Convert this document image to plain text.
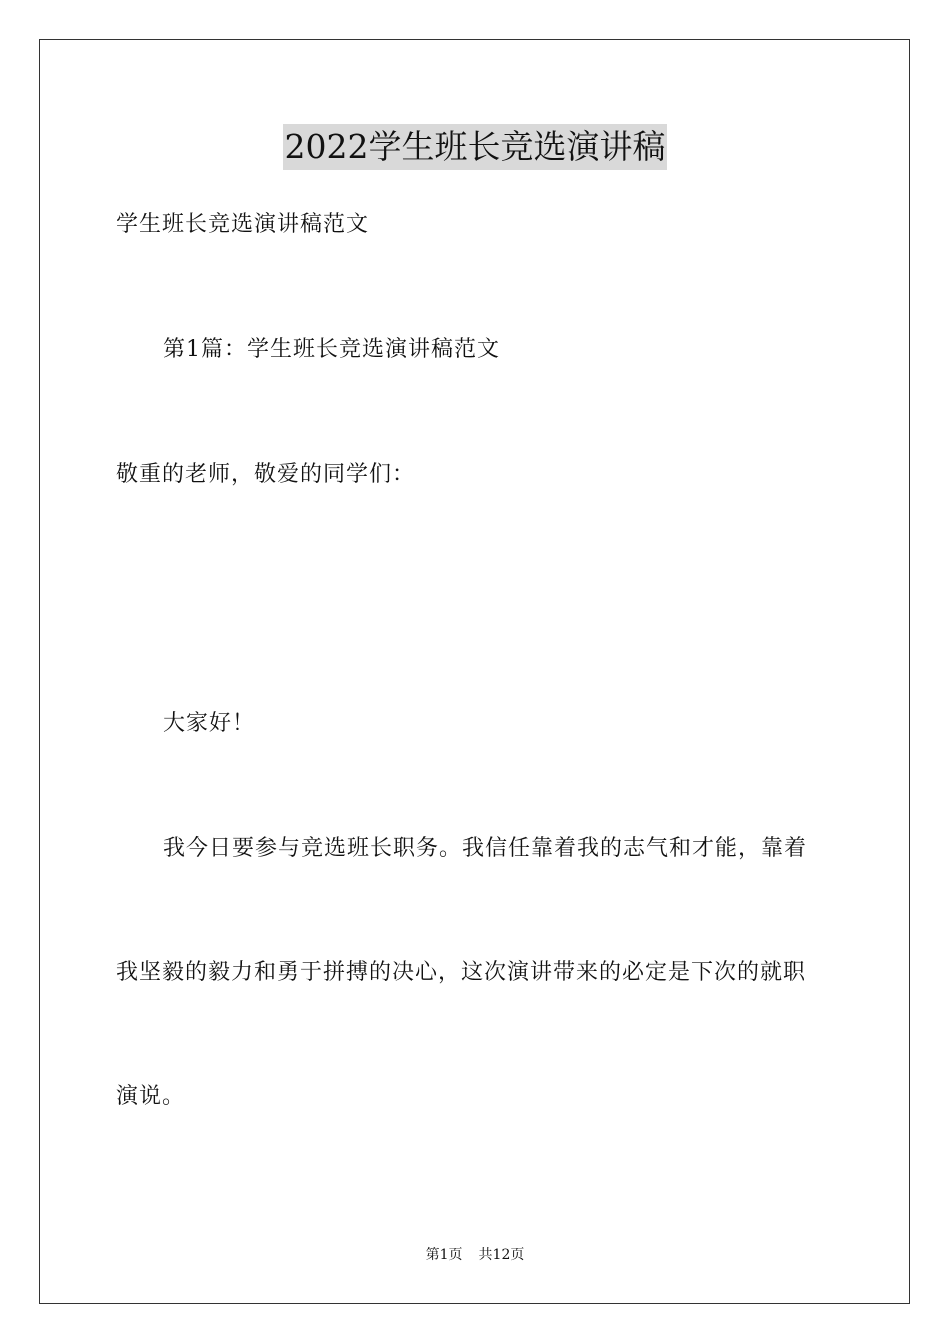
2022学生班长竞选演讲稿
学生班长竞选演讲稿范文
第1篇：学生班长竞选演讲稿范文
敬重的老师，敬爱的同学们：
大家好！
我今日要参与竞选班长职务。我信任靠着我的志气和才能，靠着
我坚毅的毅力和勇于拼搏的决心，这次演讲带来的必定是下次的就职
演说。
第1页 共12页
